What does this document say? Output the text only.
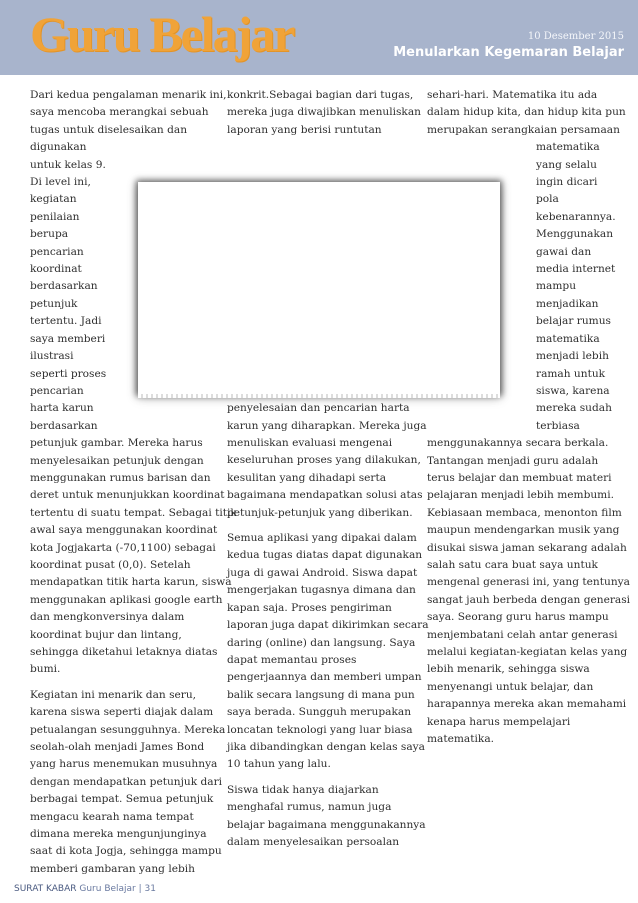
Guru Belajar	10 Desember 2015
Menularkan Kegemaran Belajar

Dari kedua pengalaman menarik ini,
saya mencoba merangkai sebuah
tugas untuk diselesaikan dan
digunakan
untuk kelas 9.
Di level ini,
kegiatan
penilaian
berupa
pencarian
koordinat
berdasarkan
petunjuk
tertentu. Jadi
saya memberi
ilustrasi
seperti proses
pencarian
harta karun
berdasarkan
petunjuk gambar. Mereka harus
menyelesaikan petunjuk dengan
menggunakan rumus barisan dan
deret untuk menunjukkan koordinat
tertentu di suatu tempat. Sebagai titik
awal saya menggunakan koordinat
kota Jogjakarta (-70,1100) sebagai
koordinat pusat (0,0). Setelah
mendapatkan titik harta karun, siswa
menggunakan aplikasi google earth
dan mengkonversinya dalam
koordinat bujur dan lintang,
sehingga diketahui letaknya diatas
bumi.

Kegiatan ini menarik dan seru,
karena siswa seperti diajak dalam
petualangan sesungguhnya. Mereka
seolah-olah menjadi James Bond
yang harus menemukan musuhnya
dengan mendapatkan petunjuk dari
berbagai tempat. Semua petunjuk
mengacu kearah nama tempat
dimana mereka mengunjunginya
saat di kota Jogja, sehingga mampu
memberi gambaran yang lebih

konkrit.Sebagai bagian dari tugas,
mereka juga diwajibkan menuliskan
laporan yang berisi runtutan

penyelesaian dan pencarian harta
karun yang diharapkan. Mereka juga
menuliskan evaluasi mengenai
keseluruhan proses yang dilakukan,
kesulitan yang dihadapi serta
bagaimana mendapatkan solusi atas
petunjuk-petunjuk yang diberikan.

Semua aplikasi yang dipakai dalam
kedua tugas diatas dapat digunakan
juga di gawai Android. Siswa dapat
mengerjakan tugasnya dimana dan
kapan saja. Proses pengiriman
laporan juga dapat dikirimkan secara
daring (online) dan langsung. Saya
dapat memantau proses
pengerjaannya dan memberi umpan
balik secara langsung di mana pun
saya berada. Sungguh merupakan
loncatan teknologi yang luar biasa
jika dibandingkan dengan kelas saya
10 tahun yang lalu.

Siswa tidak hanya diajarkan
menghafal rumus, namun juga
belajar bagaimana menggunakannya
dalam menyelesaikan persoalan

sehari-hari. Matematika itu ada
dalam hidup kita, dan hidup kita pun
merupakan serangkaian persamaan

matematika
yang selalu
ingin dicari
pola
kebenarannya.
Menggunakan
gawai dan
media internet
mampu
menjadikan
belajar rumus
matematika
menjadi lebih
ramah untuk
siswa, karena
mereka sudah
terbiasa

menggunakannya secara berkala.
Tantangan menjadi guru adalah
terus belajar dan membuat materi
pelajaran menjadi lebih membumi.
Kebiasaan membaca, menonton film
maupun mendengarkan musik yang
disukai siswa jaman sekarang adalah
salah satu cara buat saya untuk
mengenal generasi ini, yang tentunya
sangat jauh berbeda dengan generasi
saya. Seorang guru harus mampu
menjembatani celah antar generasi
melalui kegiatan-kegiatan kelas yang
lebih menarik, sehingga siswa
menyenangi untuk belajar, dan
harapannya mereka akan memahami
kenapa harus mempelajari
matematika.

SURAT KABAR Guru Belajar | 31
